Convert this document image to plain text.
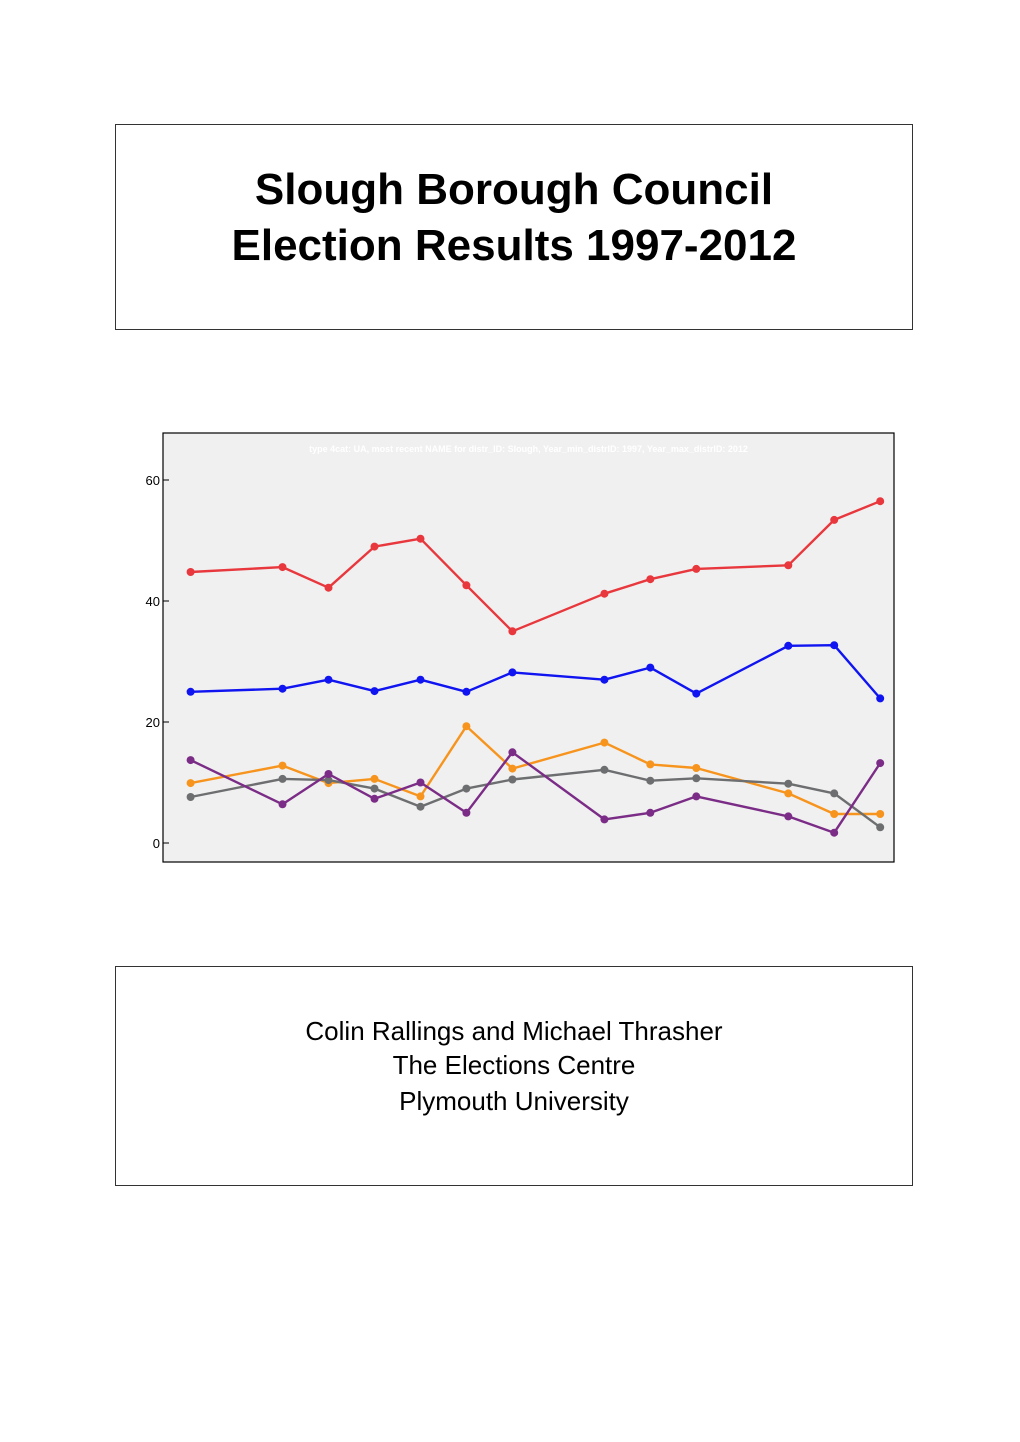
Slough Borough Council
Election Results 1997-2012
type 4cat: UA, most recent NAME for distr_ID: Slough, Year_min_distrID: 1997, Year_max_distrID: 2012
0
20
40
60
Colin Rallings and Michael Thrasher
The Elections Centre
Plymouth University
